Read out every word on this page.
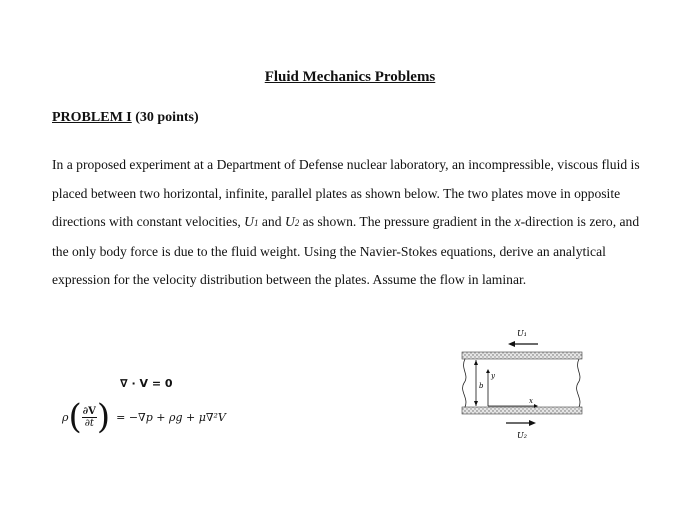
Fluid Mechanics Problems
PROBLEM I (30 points)

In a proposed experiment at a Department of Defense nuclear laboratory, an incompressible, viscous fluid is placed between two horizontal, infinite, parallel plates as shown below. The two plates move in opposite directions with constant velocities, U1 and U2 as shown. The pressure gradient in the x-direction is zero, and the only body force is due to the fluid weight. Using the Navier-Stokes equations, derive an analytical expression for the velocity distribution between the plates. Assume the flow in laminar.

∇ · V = 0
ρ ( $\frac{\partial V}{\partial t}$ ) = −∇p + ρg + μ∇²V
U₁
b
y
x
U₂
